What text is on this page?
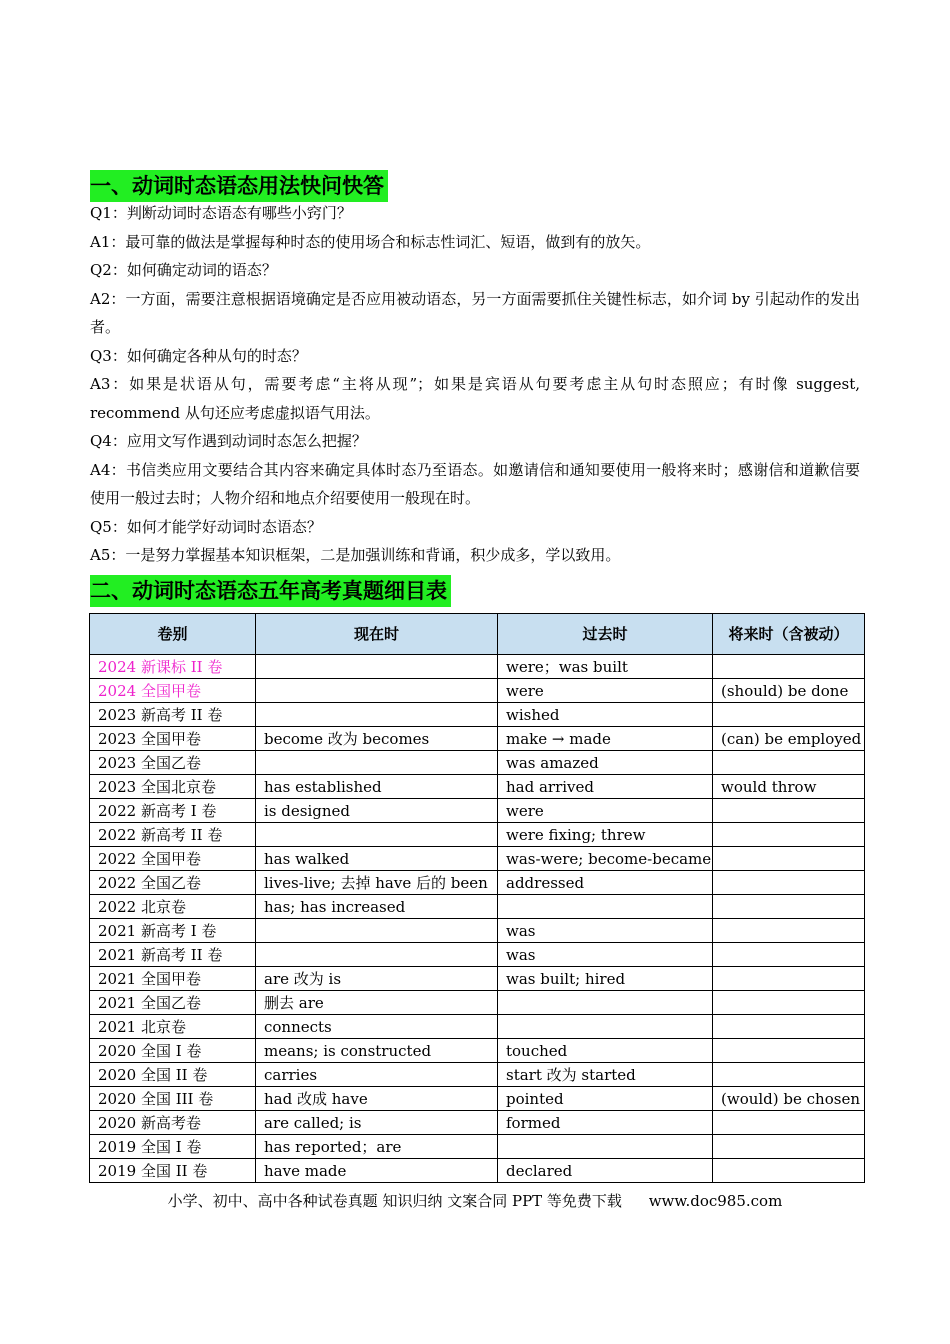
一、动词时态语态用法快问快答

Q1：判断动词时态语态有哪些小窍门？

A1：最可靠的做法是掌握每种时态的使用场合和标志性词汇、短语，做到有的放矢。

Q2：如何确定动词的语态？

A2：一方面，需要注意根据语境确定是否应用被动语态，另一方面需要抓住关键性标志，如介词 by 引起动作的发出者。

Q3：如何确定各种从句的时态？

A3：如果是状语从句，需要考虑“主将从现”；如果是宾语从句要考虑主从句时态照应；有时像 suggest, recommend 从句还应考虑虚拟语气用法。

Q4：应用文写作遇到动词时态怎么把握？

A4：书信类应用文要结合其内容来确定具体时态乃至语态。如邀请信和通知要使用一般将来时；感谢信和道歉信要使用一般过去时；人物介绍和地点介绍要使用一般现在时。

Q5：如何才能学好动词时态语态？

A5：一是努力掌握基本知识框架，二是加强训练和背诵，积少成多，学以致用。

二、动词时态语态五年高考真题细目表
卷别	现在时	过去时	将来时（含被动）
2024 新课标 II 卷		were；was built	
2024 全国甲卷		were	(should) be done
2023 新高考 II 卷		wished	
2023 全国甲卷	become 改为 becomes	make → made	(can) be employed
2023 全国乙卷		was amazed	
2023 全国北京卷	has established	had arrived	would throw
2022 新高考 I 卷	is designed	were	
2022 新高考 II 卷		were fixing; threw	
2022 全国甲卷	has walked	was-were; become-became	
2022 全国乙卷	lives-live; 去掉 have 后的 been	addressed	
2022 北京卷	has; has increased		
2021 新高考 I 卷		was	
2021 新高考 II 卷		was	
2021 全国甲卷	are 改为 is	was built; hired	
2021 全国乙卷	删去 are		
2021 北京卷	connects		
2020 全国 I 卷	means; is constructed	touched	
2020 全国 II 卷	carries	start 改为 started	
2020 全国 III 卷	had 改成 have	pointed	(would) be chosen
2020 新高考卷	are called; is	formed	
2019 全国 I 卷	has reported；are		
2019 全国 II 卷	have made	declared	
小学、初中、高中各种试卷真题 知识归纳 文案合同 PPT 等免费下载 www.doc985.com
